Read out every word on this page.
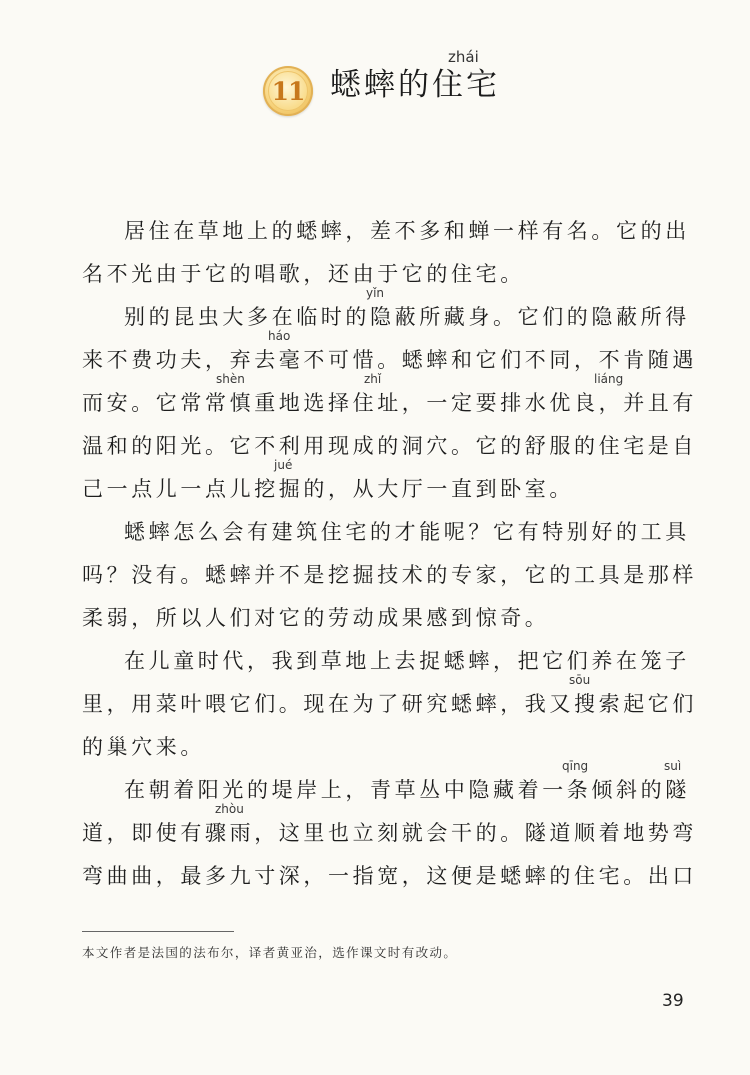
11
zhái
蟋蟀的住宅
居住在草地上的蟋蟀，差不多和蝉一样有名。它的出
名不光由于它的唱歌，还由于它的住宅。
别的昆虫大多在临时的隐蔽所藏身。它们的隐蔽所得
yǐn
来不费功夫，弃去毫不可惜。蟋蟀和它们不同，不肯随遇
háo
而安。它常常慎重地选择住址，一定要排水优良，并且有
shèn	zhǐ	liáng
温和的阳光。它不利用现成的洞穴。它的舒服的住宅是自
己一点儿一点儿挖掘的，从大厅一直到卧室。
jué
蟋蟀怎么会有建筑住宅的才能呢？它有特别好的工具
吗？没有。蟋蟀并不是挖掘技术的专家，它的工具是那样
柔弱，所以人们对它的劳动成果感到惊奇。
在儿童时代，我到草地上去捉蟋蟀，把它们养在笼子
里，用菜叶喂它们。现在为了研究蟋蟀，我又搜索起它们
sōu
的巢穴来。
在朝着阳光的堤岸上，青草丛中隐藏着一条倾斜的隧
qīng	suì
道，即使有骤雨，这里也立刻就会干的。隧道顺着地势弯
zhòu
弯曲曲，最多九寸深，一指宽，这便是蟋蟀的住宅。出口
本文作者是法国的法布尔，译者黄亚治，选作课文时有改动。
39
